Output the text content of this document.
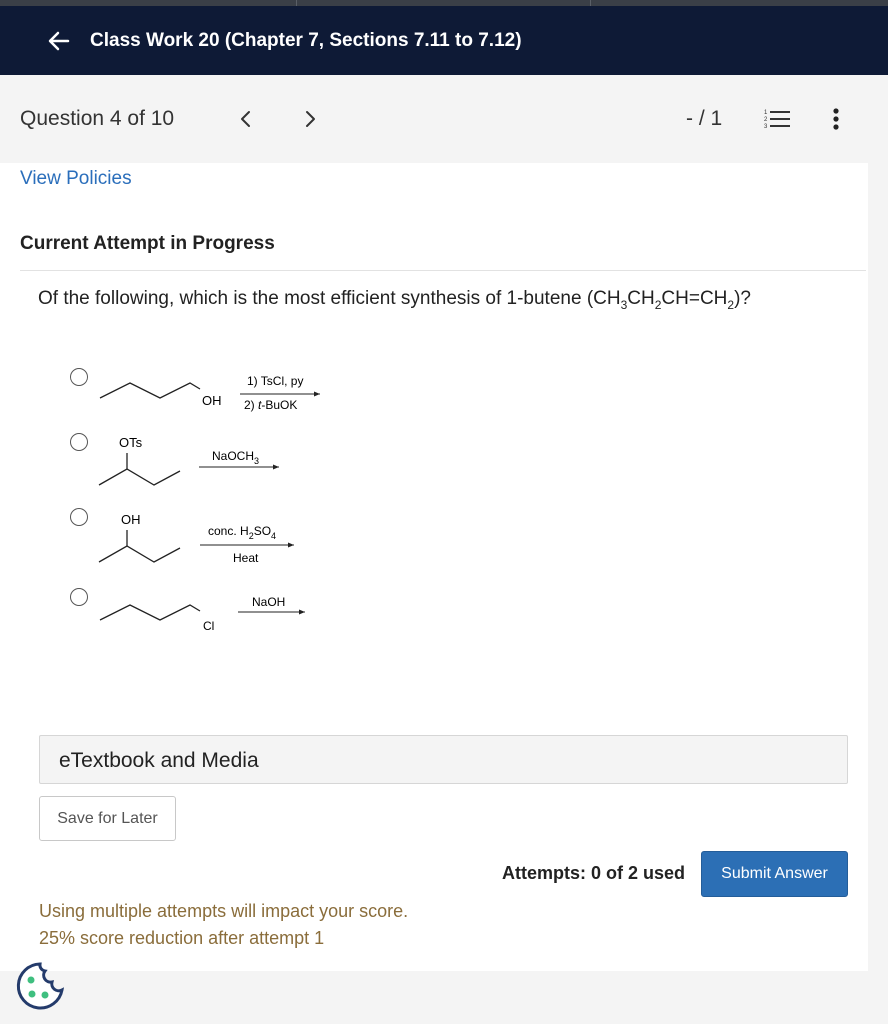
Class Work 20 (Chapter 7, Sections 7.11 to 7.12)
Question 4 of 10	- / 1	1
2
3
View Policies
Current Attempt in Progress
Of the following, which is the most efficient synthesis of 1-butene $(CH_3CH_2CH=CH_2)$?
OH
1) TsCl, py
2) t-BuOK
OTs
NaOCH$_3$
OH
conc. $H_2SO_4$
Heat
Cl
NaOH
eTextbook and Media
Save for Later
Attempts: 0 of 2 used	Submit Answer
Using multiple attempts will impact your score.
25% score reduction after attempt 1
